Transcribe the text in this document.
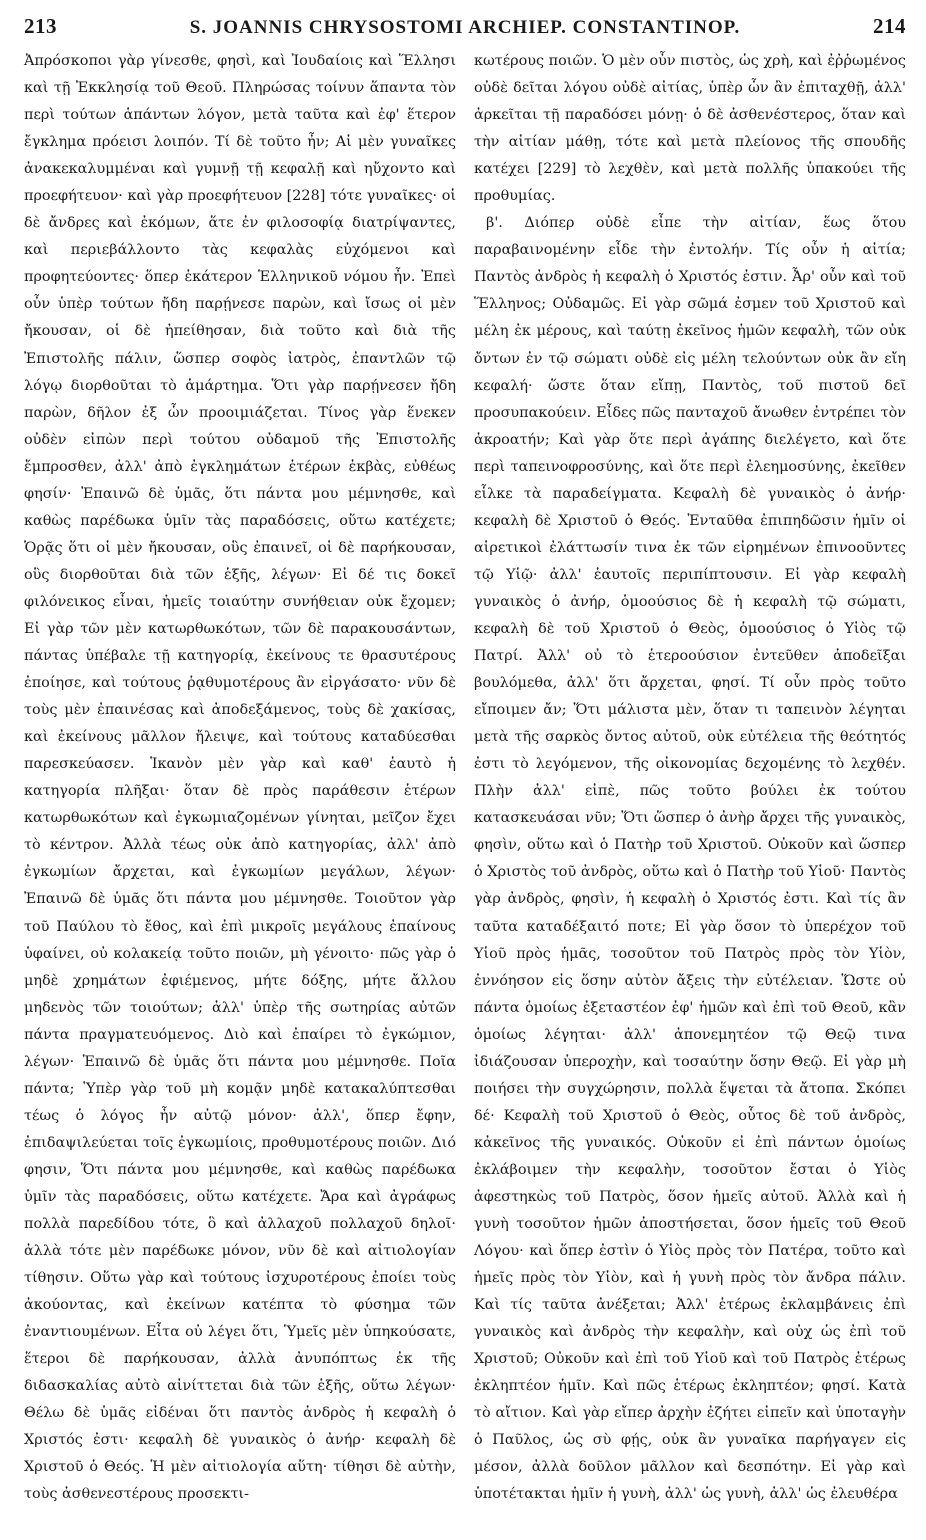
213	S. JOANNIS CHRYSOSTOMI ARCHIEP. CONSTANTINOP.	214

Ἀπρόσκοποι γὰρ γίνεσθε, φησὶ, καὶ Ἰουδαίοις καὶ Ἕλλησι καὶ τῇ Ἐκκλησίᾳ τοῦ Θεοῦ. Πληρώσας τοίνυν ἅπαντα τὸν περὶ τούτων ἁπάντων λόγον, μετὰ ταῦτα καὶ ἐφ' ἕτερον ἔγκλημα πρόεισι λοιπόν. Τί δὲ τοῦτο ἦν; Αἱ μὲν γυναῖκες ἀνακεκαλυμμέναι καὶ γυμνῇ τῇ κεφαλῇ καὶ ηὔχοντο καὶ προεφήτευον· καὶ γὰρ προεφήτευον [228] τότε γυναῖκες· οἱ δὲ ἄνδρες καὶ ἐκόμων, ἅτε ἐν φιλοσοφίᾳ διατρίψαντες, καὶ περιεβάλλοντο τὰς κεφαλὰς εὐχόμενοι καὶ προφητεύοντες· ὅπερ ἑκάτερον Ἑλληνικοῦ νόμου ἦν. Ἐπεὶ οὖν ὑπὲρ τούτων ἤδη παρῄνεσε παρὼν, καὶ ἴσως οἱ μὲν ἤκουσαν, οἱ δὲ ἠπείθησαν, διὰ τοῦτο καὶ διὰ τῆς Ἐπιστολῆς πάλιν, ὥσπερ σοφὸς ἰατρὸς, ἐπαντλῶν τῷ λόγῳ διορθοῦται τὸ ἁμάρτημα. Ὅτι γὰρ παρῄνεσεν ἤδη παρὼν, δῆλον ἐξ ὧν προοιμιάζεται. Τίνος γὰρ ἕνεκεν οὐδὲν εἰπὼν περὶ τούτου οὐδαμοῦ τῆς Ἐπιστολῆς ἔμπροσθεν, ἀλλ' ἀπὸ ἐγκλημάτων ἑτέρων ἐκβὰς, εὐθέως φησίν· Ἐπαινῶ δὲ ὑμᾶς, ὅτι πάντα μου μέμνησθε, καὶ καθὼς παρέδωκα ὑμῖν τὰς παραδόσεις, οὕτω κατέχετε; Ὁρᾷς ὅτι οἱ μὲν ἤκουσαν, οὓς ἐπαινεῖ, οἱ δὲ παρήκουσαν, οὓς διορθοῦται διὰ τῶν ἑξῆς, λέγων· Εἰ δέ τις δοκεῖ φιλόνεικος εἶναι, ἡμεῖς τοιαύτην συνήθειαν οὐκ ἔχομεν; Εἰ γὰρ τῶν μὲν κατωρθωκότων, τῶν δὲ παρακουσάντων, πάντας ὑπέβαλε τῇ κατηγορίᾳ, ἐκείνους τε θρασυτέρους ἐποίησε, καὶ τούτους ῥᾳθυμοτέρους ἂν εἰργάσατο· νῦν δὲ τοὺς μὲν ἐπαινέσας καὶ ἀποδεξάμενος, τοὺς δὲ χακίσας, καὶ ἐκείνους μᾶλλον ἤλειψε, καὶ τούτους καταδύεσθαι παρεσκεύασεν. Ἱκανὸν μὲν γὰρ καὶ καθ' ἑαυτὸ ἡ κατηγορία πλῆξαι· ὅταν δὲ πρὸς παράθεσιν ἑτέρων κατωρθωκότων καὶ ἐγκωμιαζομένων γίνηται, μεῖζον ἔχει τὸ κέντρον. Ἀλλὰ τέως οὐκ ἀπὸ κατηγορίας, ἀλλ' ἀπὸ ἐγκωμίων ἄρχεται, καὶ ἐγκωμίων μεγάλων, λέγων· Ἐπαινῶ δὲ ὑμᾶς ὅτι πάντα μου μέμνησθε. Τοιοῦτον γὰρ τοῦ Παύλου τὸ ἔθος, καὶ ἐπὶ μικροῖς μεγάλους ἐπαίνους ὑφαίνει, οὐ κολακείᾳ τοῦτο ποιῶν, μὴ γένοιτο· πῶς γὰρ ὁ μηδὲ χρημάτων ἐφιέμενος, μήτε δόξης, μήτε ἄλλου μηδενὸς τῶν τοιούτων; ἀλλ' ὑπὲρ τῆς σωτηρίας αὐτῶν πάντα πραγματευόμενος. Διὸ καὶ ἐπαίρει τὸ ἐγκώμιον, λέγων· Ἐπαινῶ δὲ ὑμᾶς ὅτι πάντα μου μέμνησθε. Ποῖα πάντα; Ὑπὲρ γὰρ τοῦ μὴ κομᾷν μηδὲ κατακαλύπτεσθαι τέως ὁ λόγος ἦν αὐτῷ μόνον· ἀλλ', ὅπερ ἔφην, ἐπιδαψιλεύεται τοῖς ἐγκωμίοις, προθυμοτέρους ποιῶν. Διό φησιν, Ὅτι πάντα μου μέμνησθε, καὶ καθὼς παρέδωκα ὑμῖν τὰς παραδόσεις, οὕτω κατέχετε. Ἄρα καὶ ἀγράφως πολλὰ παρεδίδου τότε, ὃ καὶ ἀλλαχοῦ πολλαχοῦ δηλοῖ· ἀλλὰ τότε μὲν παρέδωκε μόνον, νῦν δὲ καὶ αἰτιολογίαν τίθησιν. Οὕτω γὰρ καὶ τούτους ἰσχυροτέρους ἐποίει τοὺς ἀκούοντας, καὶ ἐκείνων κατέπτα τὸ φύσημα τῶν ἐναντιουμένων. Εἶτα οὐ λέγει ὅτι, Ὑμεῖς μὲν ὑπηκούσατε, ἕτεροι δὲ παρήκουσαν, ἀλλὰ ἀνυπόπτως ἐκ τῆς διδασκαλίας αὐτὸ αἰνίττεται διὰ τῶν ἑξῆς, οὕτω λέγων· Θέλω δὲ ὑμᾶς εἰδέναι ὅτι παντὸς ἀνδρὸς ἡ κεφαλὴ ὁ Χριστός ἐστι· κεφαλὴ δὲ γυναικὸς ὁ ἀνήρ· κεφαλὴ δὲ Χριστοῦ ὁ Θεός. Ἡ μὲν αἰτιολογία αὕτη· τίθησι δὲ αὐτὴν, τοὺς ἀσθενεστέρους προσεκτι-

κωτέρους ποιῶν. Ὁ μὲν οὖν πιστὸς, ὡς χρὴ, καὶ ἐῤῥωμένος οὐδὲ δεῖται λόγου οὐδὲ αἰτίας, ὑπὲρ ὧν ἂν ἐπιταχθῇ, ἀλλ' ἀρκεῖται τῇ παραδόσει μόνῃ· ὁ δὲ ἀσθενέστερος, ὅταν καὶ τὴν αἰτίαν μάθῃ, τότε καὶ μετὰ πλείονος τῆς σπουδῆς κατέχει [229] τὸ λεχθὲν, καὶ μετὰ πολλῆς ὑπακούει τῆς προθυμίας.

β'. Διόπερ οὐδὲ εἶπε τὴν αἰτίαν, ἕως ὅτου παραβαινομένην εἶδε τὴν ἐντολήν. Τίς οὖν ἡ αἰτία; Παντὸς ἀνδρὸς ἡ κεφαλὴ ὁ Χριστός ἐστιν. Ἆρ' οὖν καὶ τοῦ Ἕλληνος; Οὐδαμῶς. Εἰ γὰρ σῶμά ἐσμεν τοῦ Χριστοῦ καὶ μέλη ἐκ μέρους, καὶ ταύτῃ ἐκεῖνος ἡμῶν κεφαλὴ, τῶν οὐκ ὄντων ἐν τῷ σώματι οὐδὲ εἰς μέλη τελούντων οὐκ ἂν εἴη κεφαλή· ὥστε ὅταν εἴπῃ, Παντὸς, τοῦ πιστοῦ δεῖ προσυπακούειν. Εἶδες πῶς πανταχοῦ ἄνωθεν ἐντρέπει τὸν ἀκροατήν; Καὶ γὰρ ὅτε περὶ ἀγάπης διελέγετο, καὶ ὅτε περὶ ταπεινοφροσύνης, καὶ ὅτε περὶ ἐλεημοσύνης, ἐκεῖθεν εἷλκε τὰ παραδείγματα. Κεφαλὴ δὲ γυναικὸς ὁ ἀνήρ· κεφαλὴ δὲ Χριστοῦ ὁ Θεός. Ἐνταῦθα ἐπιπηδῶσιν ἡμῖν οἱ αἱρετικοὶ ἐλάττωσίν τινα ἐκ τῶν εἰρημένων ἐπινοοῦντες τῷ Υἱῷ· ἀλλ' ἑαυτοῖς περιπίπτουσιν. Εἰ γὰρ κεφαλὴ γυναικὸς ὁ ἀνήρ, ὁμοούσιος δὲ ἡ κεφαλὴ τῷ σώματι, κεφαλὴ δὲ τοῦ Χριστοῦ ὁ Θεὸς, ὁμοούσιος ὁ Υἱὸς τῷ Πατρί. Ἀλλ' οὐ τὸ ἑτεροούσιον ἐντεῦθεν ἀποδεῖξαι βουλόμεθα, ἀλλ' ὅτι ἄρχεται, φησί. Τί οὖν πρὸς τοῦτο εἴποιμεν ἄν; Ὅτι μάλιστα μὲν, ὅταν τι ταπεινὸν λέγηται μετὰ τῆς σαρκὸς ὄντος αὐτοῦ, οὐκ εὐτέλεια τῆς θεότητός ἐστι τὸ λεγόμενον, τῆς οἰκονομίας δεχομένης τὸ λεχθέν. Πλὴν ἀλλ' εἰπὲ, πῶς τοῦτο βούλει ἐκ τούτου κατασκευάσαι νῦν; Ὅτι ὥσπερ ὁ ἀνὴρ ἄρχει τῆς γυναικὸς, φησὶν, οὕτω καὶ ὁ Πατὴρ τοῦ Χριστοῦ. Οὐκοῦν καὶ ὥσπερ ὁ Χριστὸς τοῦ ἀνδρὸς, οὕτω καὶ ὁ Πατὴρ τοῦ Υἱοῦ· Παντὸς γὰρ ἀνδρὸς, φησὶν, ἡ κεφαλὴ ὁ Χριστός ἐστι. Καὶ τίς ἂν ταῦτα καταδέξαιτό ποτε; Εἰ γὰρ ὅσον τὸ ὑπερέχον τοῦ Υἱοῦ πρὸς ἡμᾶς, τοσοῦτον τοῦ Πατρὸς πρὸς τὸν Υἱὸν, ἐννόησον εἰς ὅσην αὐτὸν ἄξεις τὴν εὐτέλειαν. Ὥστε οὐ πάντα ὁμοίως ἐξεταστέον ἐφ' ἡμῶν καὶ ἐπὶ τοῦ Θεοῦ, κἂν ὁμοίως λέγηται· ἀλλ' ἀπονεμητέον τῷ Θεῷ τινα ἰδιάζουσαν ὑπεροχὴν, καὶ τοσαύτην ὅσην Θεῷ. Εἰ γὰρ μὴ ποιήσει τὴν συγχώρησιν, πολλὰ ἕψεται τὰ ἄτοπα. Σκόπει δέ· Κεφαλὴ τοῦ Χριστοῦ ὁ Θεὸς, οὗτος δὲ τοῦ ἀνδρὸς, κἀκεῖνος τῆς γυναικός. Οὐκοῦν εἰ ἐπὶ πάντων ὁμοίως ἐκλάβοιμεν τὴν κεφαλὴν, τοσοῦτον ἔσται ὁ Υἱὸς ἀφεστηκὼς τοῦ Πατρὸς, ὅσον ἡμεῖς αὐτοῦ. Ἀλλὰ καὶ ἡ γυνὴ τοσοῦτον ἡμῶν ἀποστήσεται, ὅσον ἡμεῖς τοῦ Θεοῦ Λόγου· καὶ ὅπερ ἐστὶν ὁ Υἱὸς πρὸς τὸν Πατέρα, τοῦτο καὶ ἡμεῖς πρὸς τὸν Υἱὸν, καὶ ἡ γυνὴ πρὸς τὸν ἄνδρα πάλιν. Καὶ τίς ταῦτα ἀνέξεται; Ἀλλ' ἑτέρως ἐκλαμβάνεις ἐπὶ γυναικὸς καὶ ἀνδρὸς τὴν κεφαλὴν, καὶ οὐχ ὡς ἐπὶ τοῦ Χριστοῦ; Οὐκοῦν καὶ ἐπὶ τοῦ Υἱοῦ καὶ τοῦ Πατρὸς ἑτέρως ἐκληπτέον ἡμῖν. Καὶ πῶς ἑτέρως ἐκληπτέον; φησί. Κατὰ τὸ αἴτιον. Καὶ γὰρ εἴπερ ἀρχὴν ἐζήτει εἰπεῖν καὶ ὑποταγὴν ὁ Παῦλος, ὡς σὺ φῄς, οὐκ ἂν γυναῖκα παρήγαγεν εἰς μέσον, ἀλλὰ δοῦλον μᾶλλον καὶ δεσπότην. Εἰ γὰρ καὶ ὑποτέτακται ἡμῖν ἡ γυνὴ, ἀλλ' ὡς γυνὴ, ἀλλ' ὡς ἐλευθέρα
